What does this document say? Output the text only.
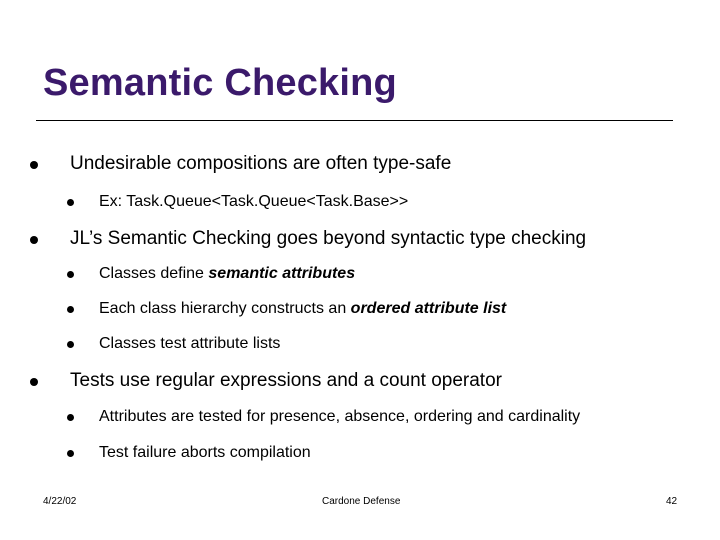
Semantic Checking
Undesirable compositions are often type-safe
Ex: Task.Queue<Task.Queue<Task.Base>>
JL’s Semantic Checking goes beyond syntactic type checking
Classes define semantic attributes
Each class hierarchy constructs an ordered attribute list
Classes test attribute lists
Tests use regular expressions and a count operator
Attributes are tested for presence, absence, ordering and cardinality
Test failure aborts compilation
4/22/02	Cardone Defense	42
